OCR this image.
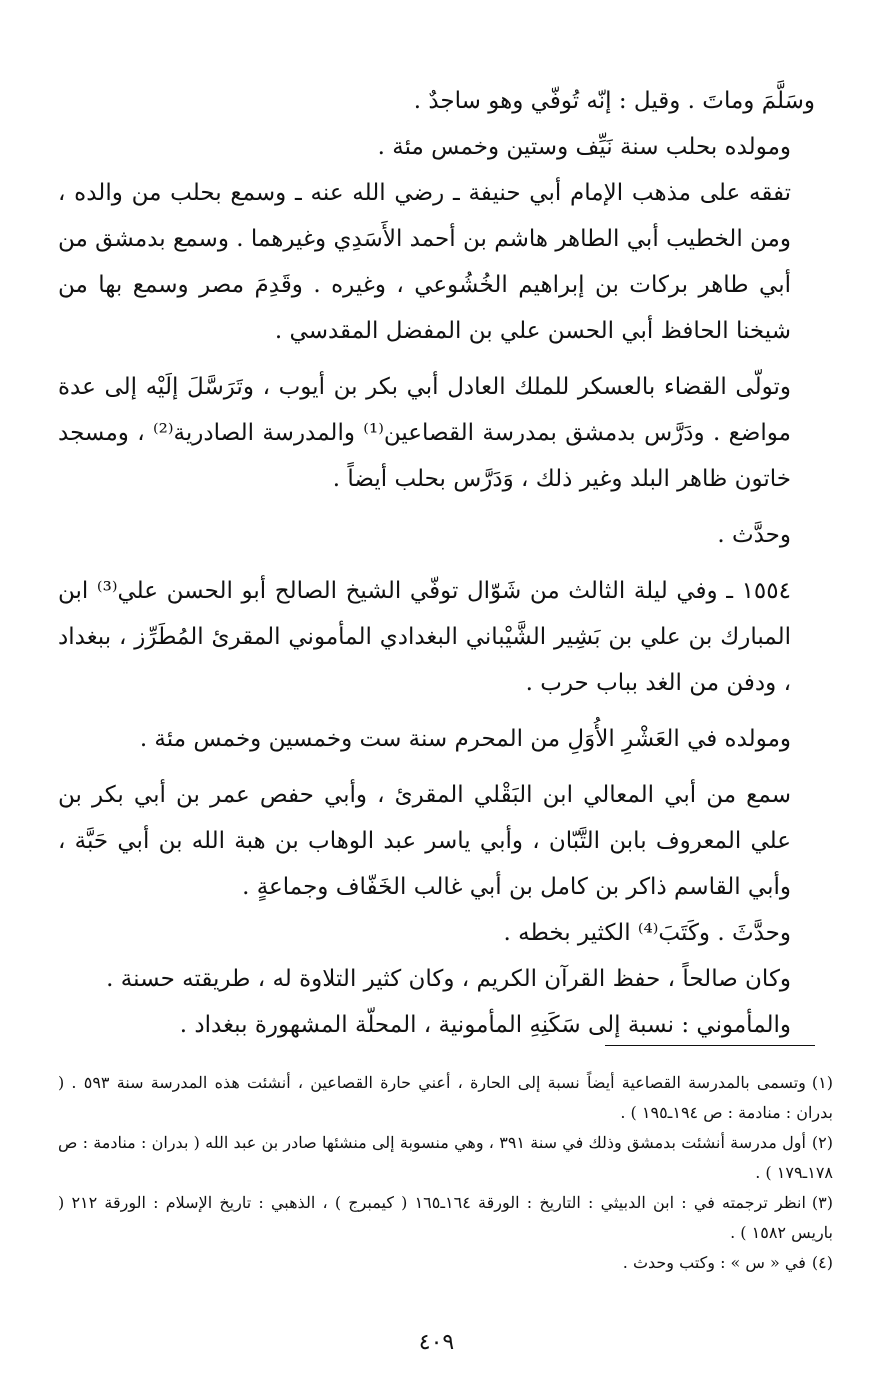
وسَلَّمَ وماتَ . وقيل : إنّه تُوفّي وهو ساجدٌ .

ومولده بحلب سنة نَيِّف وستين وخمس مئة .

تفقه على مذهب الإمام أبي حنيفة ـ رضي الله عنه ـ وسمع بحلب من والده ، ومن الخطيب أبي الطاهر هاشم بن أحمد الأَسَدِي وغيرهما . وسمع بدمشق من أبي طاهر بركات بن إبراهيم الخُشُوعي ، وغيره . وقَدِمَ مصر وسمع بها من شيخنا الحافظ أبي الحسن علي بن المفضل المقدسي .

وتولّى القضاء بالعسكر للملك العادل أبي بكر بن أيوب ، وتَرَسَّلَ إلَيْه إلى عدة مواضع . ودَرَّس بدمشق بمدرسة القصاعين⁽¹⁾ والمدرسة الصادرية⁽²⁾ ، ومسجد خاتون ظاهر البلد وغير ذلك ، وَدَرَّس بحلب أيضاً .

وحدَّث .

١٥٥٤ ـ وفي ليلة الثالث من شَوّال توفّي الشيخ الصالح أبو الحسن علي⁽³⁾ ابن المبارك بن علي بن بَشِير الشَّيْباني البغدادي المأموني المقرئ المُطَرِّز ، ببغداد ، ودفن من الغد بباب حرب .

ومولده في العَشْرِ الأُوَلِ من المحرم سنة ست وخمسين وخمس مئة .

سمع من أبي المعالي ابن البَقْلي المقرئ ، وأبي حفص عمر بن أبي بكر بن علي المعروف بابن التَّبّان ، وأبي ياسر عبد الوهاب بن هبة الله بن أبي حَبَّة ، وأبي القاسم ذاكر بن كامل بن أبي غالب الخَفّاف وجماعةٍ .

وحدَّثَ . وكَتَبَ⁽⁴⁾ الكثير بخطه .

وكان صالحاً ، حفظ القرآن الكريم ، وكان كثير التلاوة له ، طريقته حسنة .

والمأموني : نسبة إلى سَكَنِهِ المأمونية ، المحلّة المشهورة ببغداد .

(١)وتسمى بالمدرسة القصاعية أيضاً نسبة إلى الحارة ، أعني حارة القصاعين ، أنشئت هذه المدرسة سنة ٥٩٣ . ( بدران : منادمة : ص ١٩٤ـ١٩٥ ) .

(٢)أول مدرسة أنشئت بدمشق وذلك في سنة ٣٩١ ، وهي منسوبة إلى منشئها صادر بن عبد الله ( بدران : منادمة : ص ١٧٨ـ١٧٩ ) .

(٣)انظر ترجمته في : ابن الدبيثي : التاريخ : الورقة ١٦٤ـ١٦٥ ( كيمبرج ) ، الذهبي : تاريخ الإسلام : الورقة ٢١٢ ( باريس ١٥٨٢ ) .

(٤)في « س » : وكتب وحدث .

٤٠٩
